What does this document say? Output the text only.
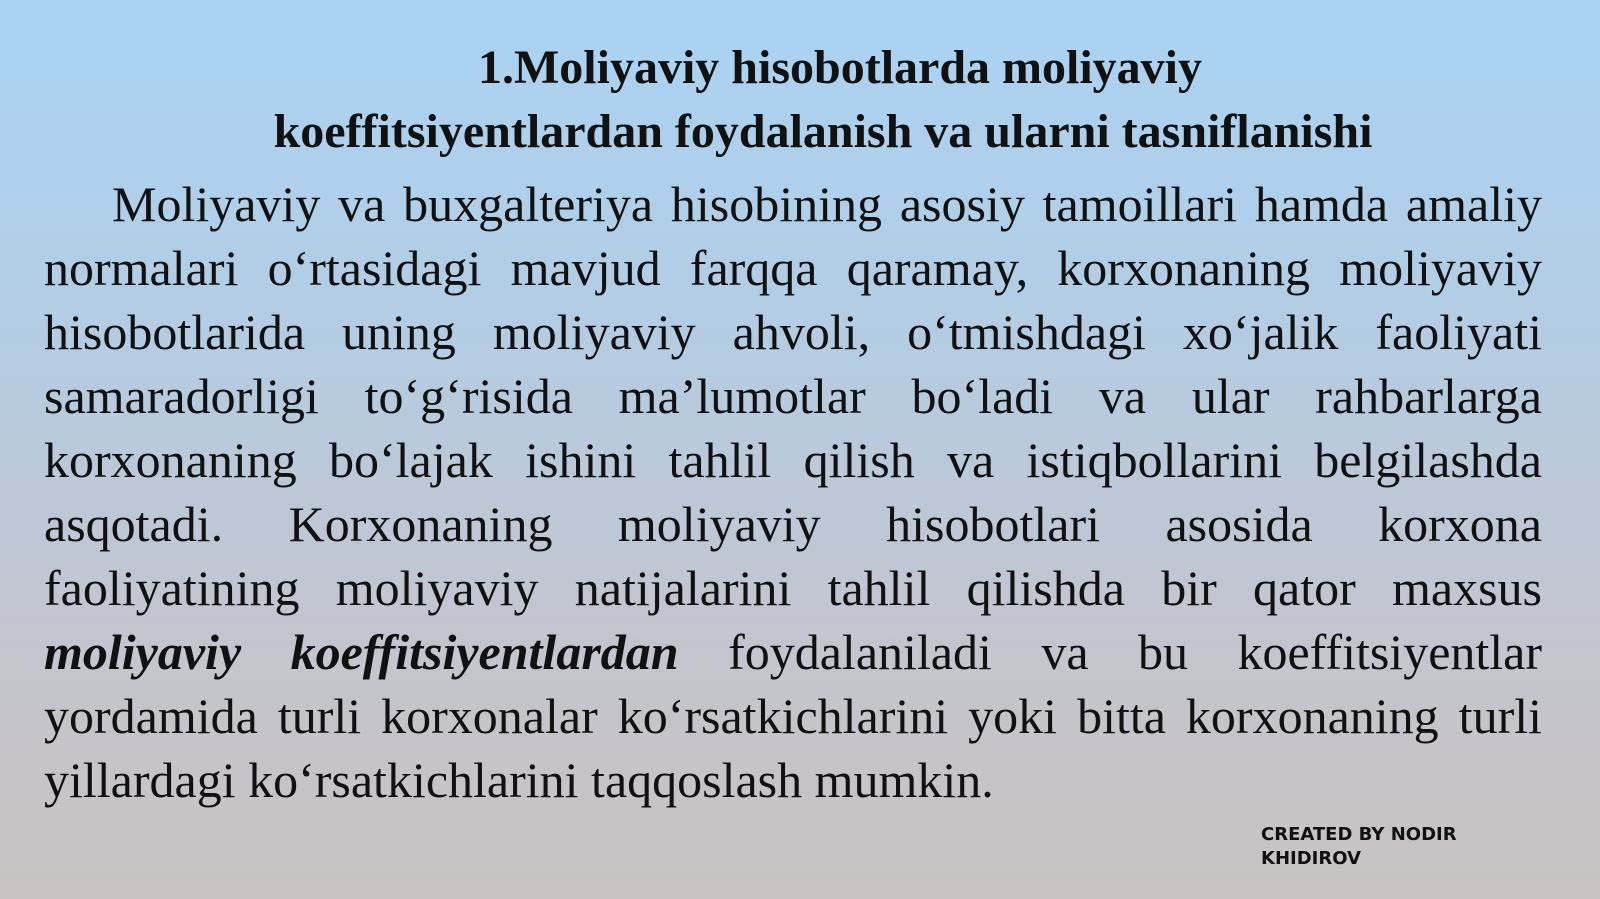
1.Moliyaviy hisobotlarda moliyaviy
koeffitsiyentlardan foydalanish va ularni tasniflanishi

Moliyaviy va buxgalteriya hisobining asosiy tamoillari hamda amaliy normalari o‘rtasidagi mavjud farqqa qaramay, korxonaning moliyaviy hisobotlarida uning moliyaviy ahvoli, o‘tmishdagi xo‘jalik faoliyati samaradorligi to‘g‘risida ma’lumotlar bo‘ladi va ular rahbarlarga korxonaning bo‘lajak ishini tahlil qilish va istiqbollarini belgilashda asqotadi. Korxonaning moliyaviy hisobotlari asosida korxona faoliyatining moliyaviy natijalarini tahlil qilishda bir qator maxsus moliyaviy koeffitsiyentlardan foydalaniladi va bu koeffitsiyentlar yordamida turli korxonalar ko‘rsatkichlarini yoki bitta korxonaning turli yillardagi ko‘rsatkichlarini taqqoslash mumkin.

CREATED BY NODIR
KHIDIROV
